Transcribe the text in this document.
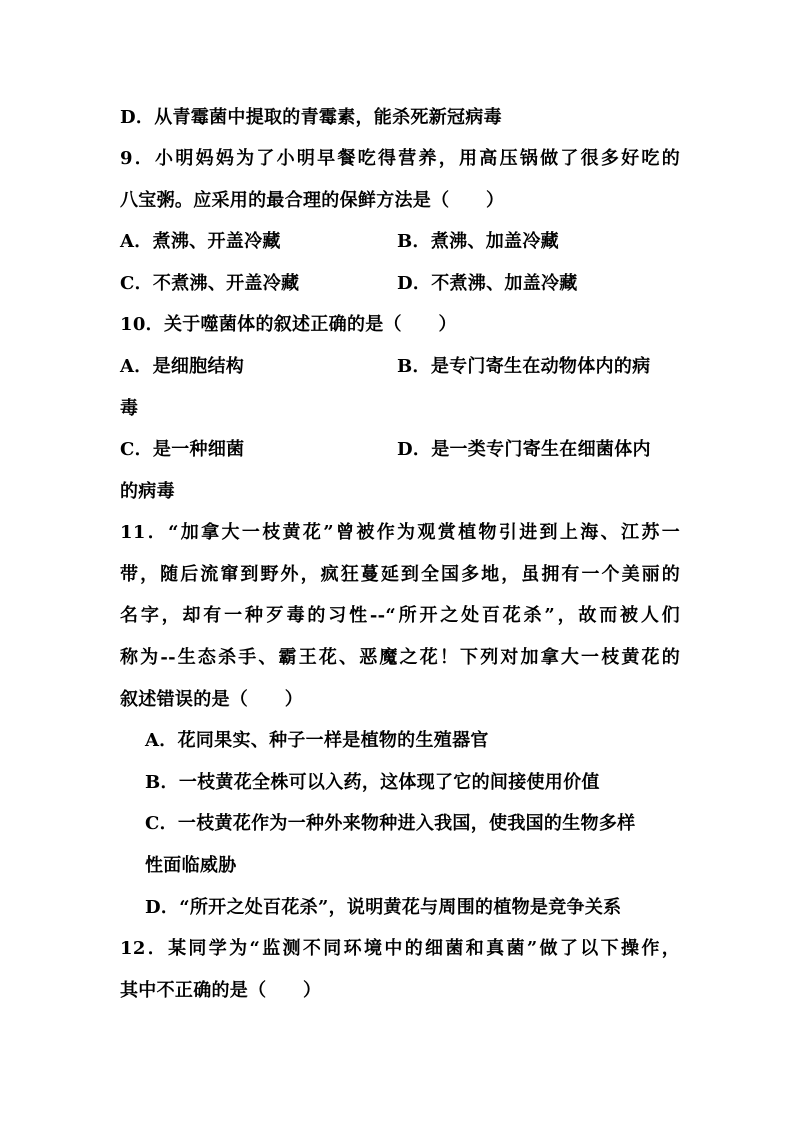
D．从青霉菌中提取的青霉素，能杀死新冠病毒
9．小明妈妈为了小明早餐吃得营养，用高压锅做了很多好吃的
八宝粥。应采用的最合理的保鲜方法是（　　）
A．煮沸、开盖冷藏	B．煮沸、加盖冷藏
C．不煮沸、开盖冷藏	D．不煮沸、加盖冷藏
10．关于噬菌体的叙述正确的是（　　）
A．是细胞结构	B．是专门寄生在动物体内的病
毒
C．是一种细菌	D．是一类专门寄生在细菌体内
的病毒
11．“加拿大一枝黄花”曾被作为观赏植物引进到上海、江苏一
带，随后流窜到野外，疯狂蔓延到全国多地，虽拥有一个美丽的
名字，却有一种歹毒的习性--“所开之处百花杀”，故而被人们
称为--生态杀手、霸王花、恶魔之花！下列对加拿大一枝黄花的
叙述错误的是（　　）
A．花同果实、种子一样是植物的生殖器官
B．一枝黄花全株可以入药，这体现了它的间接使用价值
C．一枝黄花作为一种外来物种进入我国，使我国的生物多样
性面临威胁
D．“所开之处百花杀”，说明黄花与周围的植物是竞争关系
12．某同学为“监测不同环境中的细菌和真菌”做了以下操作，
其中不正确的是（　　）
